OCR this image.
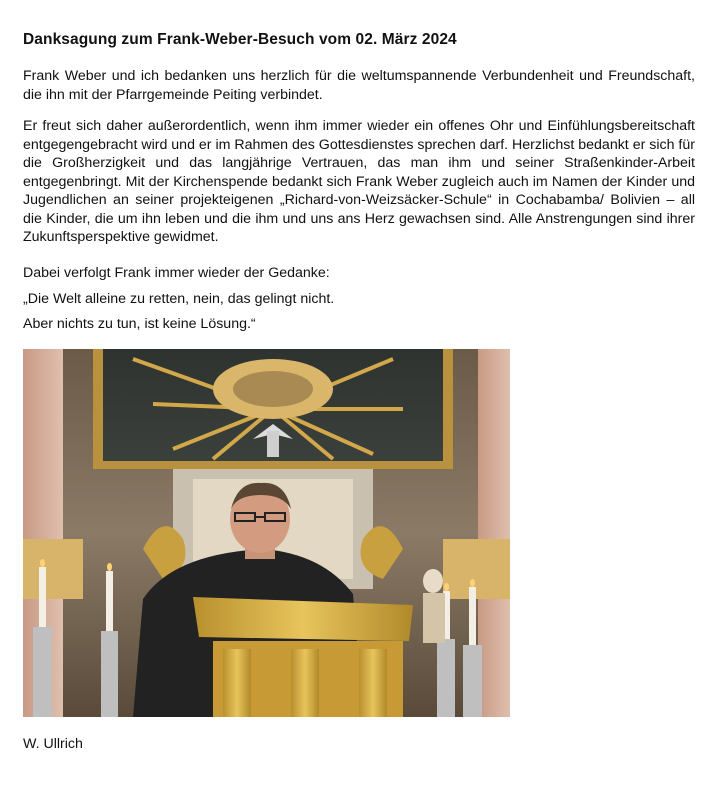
Danksagung zum Frank-Weber-Besuch vom 02. März 2024

Frank Weber und ich bedanken uns herzlich für die weltumspannende Verbundenheit und Freundschaft, die ihn mit der Pfarrgemeinde Peiting verbindet.

Er freut sich daher außerordentlich, wenn ihm immer wieder ein offenes Ohr und Einfühlungsbereitschaft entgegengebracht wird und er im Rahmen des Gottesdienstes sprechen darf. Herzlichst bedankt er sich für die Großherzigkeit und das langjährige Vertrauen, das man ihm und seiner Straßenkinder-Arbeit entgegenbringt. Mit der Kirchenspende bedankt sich Frank Weber zugleich auch im Namen der Kinder und Jugendlichen an seiner projekteigenen „Richard-von-Weizsäcker-Schule“ in Cochabamba/ Bolivien – all die Kinder, die um ihn leben und die ihm und uns ans Herz gewachsen sind. Alle Anstrengungen sind ihrer Zukunftsperspektive gewidmet.

Dabei verfolgt Frank immer wieder der Gedanke:

„Die Welt alleine zu retten, nein, das gelingt nicht.

Aber nichts zu tun, ist keine Lösung.“

W. Ullrich
